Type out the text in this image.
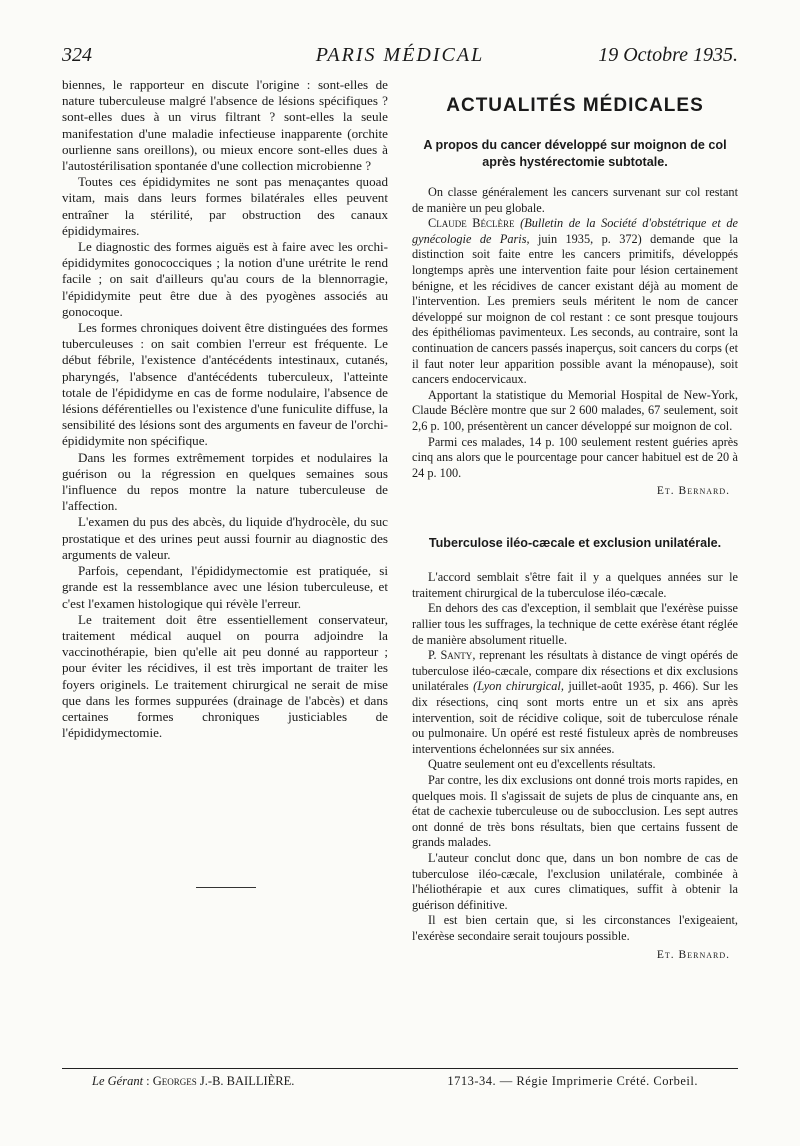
324	PARIS MÉDICAL	19 Octobre 1935.

biennes, le rapporteur en discute l'origine : sont-elles de nature tuberculeuse malgré l'absence de lésions spécifiques ? sont-elles dues à un virus filtrant ? sont-elles la seule manifestation d'une maladie infectieuse inapparente (orchite ourlienne sans oreillons), ou mieux encore sont-elles dues à l'autostérilisation spontanée d'une collection microbienne ?

Toutes ces épididymites ne sont pas menaçantes quoad vitam, mais dans leurs formes bilatérales elles peuvent entraîner la stérilité, par obstruction des canaux épididymaires.

Le diagnostic des formes aiguës est à faire avec les orchi-épididymites gonococciques ; la notion d'une urétrite le rend facile ; on sait d'ailleurs qu'au cours de la blennorragie, l'épididymite peut être due à des pyogènes associés au gonocoque.

Les formes chroniques doivent être distinguées des formes tuberculeuses : on sait combien l'erreur est fréquente. Le début fébrile, l'existence d'antécédents intestinaux, cutanés, pharyngés, l'absence d'antécédents tuberculeux, l'atteinte totale de l'épididyme en cas de forme nodulaire, l'absence de lésions déférentielles ou l'existence d'une funiculite diffuse, la sensibilité des lésions sont des arguments en faveur de l'orchi-épididymite non spécifique.

Dans les formes extrêmement torpides et nodulaires la guérison ou la régression en quelques semaines sous l'influence du repos montre la nature tuberculeuse de l'affection.

L'examen du pus des abcès, du liquide d'hydrocèle, du suc prostatique et des urines peut aussi fournir au diagnostic des arguments de valeur.

Parfois, cependant, l'épididymectomie est pratiquée, si grande est la ressemblance avec une lésion tuberculeuse, et c'est l'examen histologique qui révèle l'erreur.

Le traitement doit être essentiellement conservateur, traitement médical auquel on pourra adjoindre la vaccinothérapie, bien qu'elle ait peu donné au rapporteur ; pour éviter les récidives, il est très important de traiter les foyers originels. Le traitement chirurgical ne serait de mise que dans les formes suppurées (drainage de l'abcès) et dans certaines formes chroniques justiciables de l'épididymectomie.

ACTUALITÉS MÉDICALES
A propos du cancer développé sur moignon de col après hystérectomie subtotale.

On classe généralement les cancers survenant sur col restant de manière un peu globale.

Claude Béclère (Bulletin de la Société d'obstétrique et de gynécologie de Paris, juin 1935, p. 372) demande que la distinction soit faite entre les cancers primitifs, développés longtemps après une intervention faite pour lésion certainement bénigne, et les récidives de cancer existant déjà au moment de l'intervention. Les premiers seuls méritent le nom de cancer développé sur moignon de col restant : ce sont presque toujours des épithéliomas pavimenteux. Les seconds, au contraire, sont la continuation de cancers passés inaperçus, soit cancers du corps (et il faut noter leur apparition possible avant la ménopause), soit cancers endocervicaux.

Apportant la statistique du Memorial Hospital de New-York, Claude Béclère montre que sur 2 600 malades, 67 seulement, soit 2,6 p. 100, présentèrent un cancer développé sur moignon de col.

Parmi ces malades, 14 p. 100 seulement restent guéries après cinq ans alors que le pourcentage pour cancer habituel est de 20 à 24 p. 100.

Et. Bernard.
Tuberculose iléo-cæcale et exclusion unilatérale.

L'accord semblait s'être fait il y a quelques années sur le traitement chirurgical de la tuberculose iléo-cæcale.

En dehors des cas d'exception, il semblait que l'exérèse puisse rallier tous les suffrages, la technique de cette exérèse étant réglée de manière absolument rituelle.

P. Santy, reprenant les résultats à distance de vingt opérés de tuberculose iléo-cæcale, compare dix résections et dix exclusions unilatérales (Lyon chirurgical, juillet-août 1935, p. 466). Sur les dix résections, cinq sont morts entre un et six ans après intervention, soit de récidive colique, soit de tuberculose rénale ou pulmonaire. Un opéré est resté fistuleux après de nombreuses interventions échelonnées sur six années.

Quatre seulement ont eu d'excellents résultats.

Par contre, les dix exclusions ont donné trois morts rapides, en quelques mois. Il s'agissait de sujets de plus de cinquante ans, en état de cachexie tuberculeuse ou de subocclusion. Les sept autres ont donné de très bons résultats, bien que certains fussent de grands malades.

L'auteur conclut donc que, dans un bon nombre de cas de tuberculose iléo-cæcale, l'exclusion unilatérale, combinée à l'héliothérapie et aux cures climatiques, suffit à obtenir la guérison définitive.

Il est bien certain que, si les circonstances l'exigeaient, l'exérèse secondaire serait toujours possible.

Et. Bernard.
Le Gérant : Georges J.-B. BAILLIÈRE.	1713-34. — Régie Imprimerie Crété. Corbeil.
